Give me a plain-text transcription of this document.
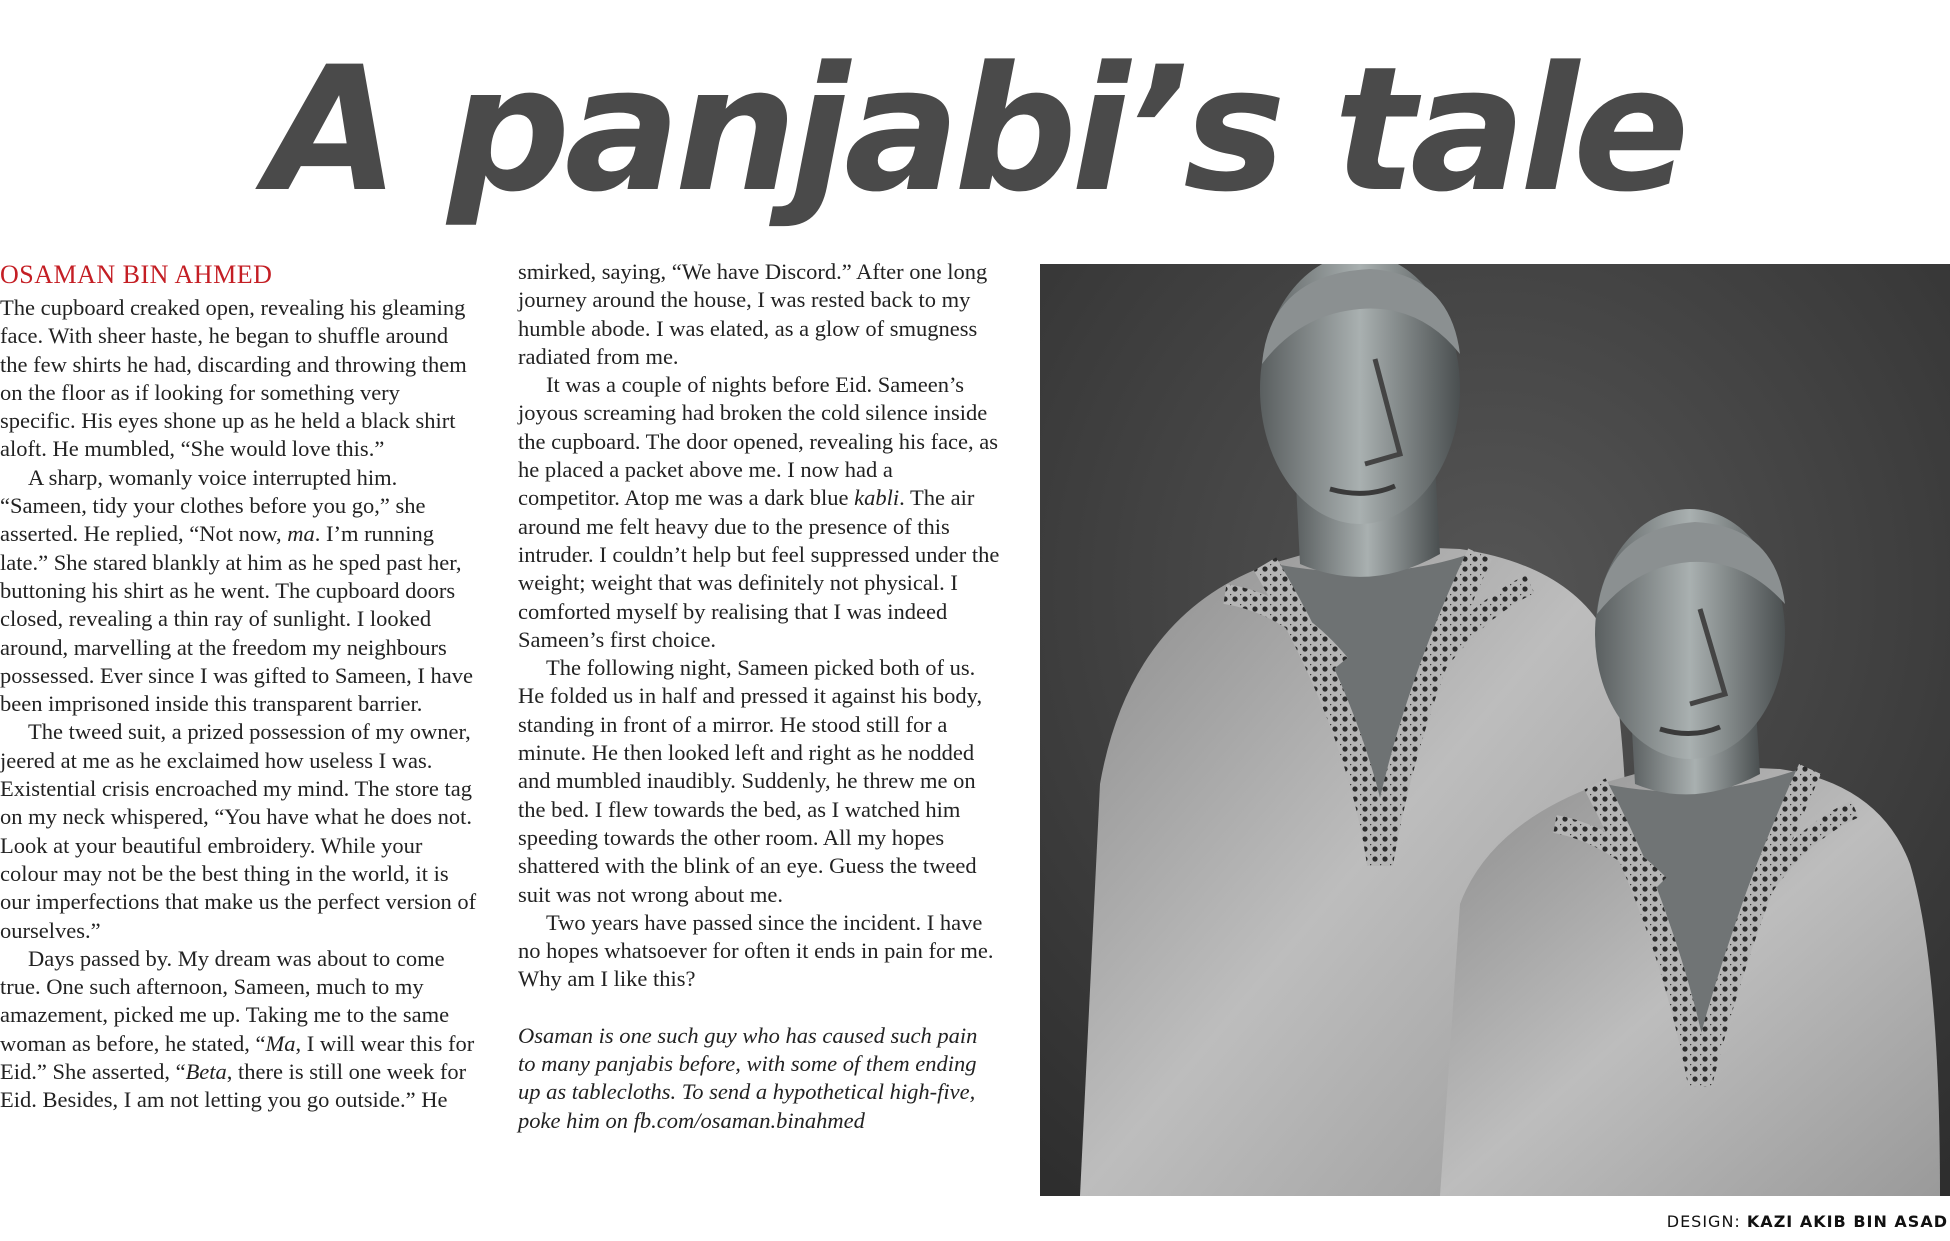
A panjabi’s tale
OSAMAN BIN AHMED

The cupboard creaked open, revealing his gleaming face. With sheer haste, he began to shuffle around the few shirts he had, discarding and throwing them on the floor as if looking for something very specific. His eyes shone up as he held a black shirt aloft. He mumbled, “She would love this.”

A sharp, womanly voice interrupted him. “Sameen, tidy your clothes before you go,” she asserted. He replied, “Not now, ma. I’m running late.” She stared blankly at him as he sped past her, buttoning his shirt as he went. The cupboard doors closed, revealing a thin ray of sunlight. I looked around, marvelling at the freedom my neighbours possessed. Ever since I was gifted to Sameen, I have been imprisoned inside this transparent barrier.

The tweed suit, a prized possession of my owner, jeered at me as he exclaimed how useless I was. Existential crisis encroached my mind. The store tag on my neck whispered, “You have what he does not. Look at your beautiful embroidery. While your colour may not be the best thing in the world, it is our imperfections that make us the perfect version of ourselves.”

Days passed by. My dream was about to come true. One such afternoon, Sameen, much to my amazement, picked me up. Taking me to the same woman as before, he stated, “Ma, I will wear this for Eid.” She asserted, “Beta, there is still one week for Eid. Besides, I am not letting you go outside.” He

smirked, saying, “We have Discord.” After one long journey around the house, I was rested back to my humble abode. I was elated, as a glow of smugness radiated from me.

It was a couple of nights before Eid. Sameen’s joyous screaming had broken the cold silence inside the cupboard. The door opened, revealing his face, as he placed a packet above me. I now had a competitor. Atop me was a dark blue kabli. The air around me felt heavy due to the presence of this intruder. I couldn’t help but feel suppressed under the weight; weight that was definitely not physical. I comforted myself by realising that I was indeed Sameen’s first choice.

The following night, Sameen picked both of us. He folded us in half and pressed it against his body, standing in front of a mirror. He stood still for a minute. He then looked left and right as he nodded and mumbled inaudibly. Suddenly, he threw me on the bed. I flew towards the bed, as I watched him speeding towards the other room. All my hopes shattered with the blink of an eye. Guess the tweed suit was not wrong about me.

Two years have passed since the incident. I have no hopes whatsoever for often it ends in pain for me. Why am I like this?

Osaman is one such guy who has caused such pain to many panjabis before, with some of them ending up as tablecloths. To send a hypothetical high-five, poke him on fb.com/osaman.binahmed

DESIGN: KAZI AKIB BIN ASAD
